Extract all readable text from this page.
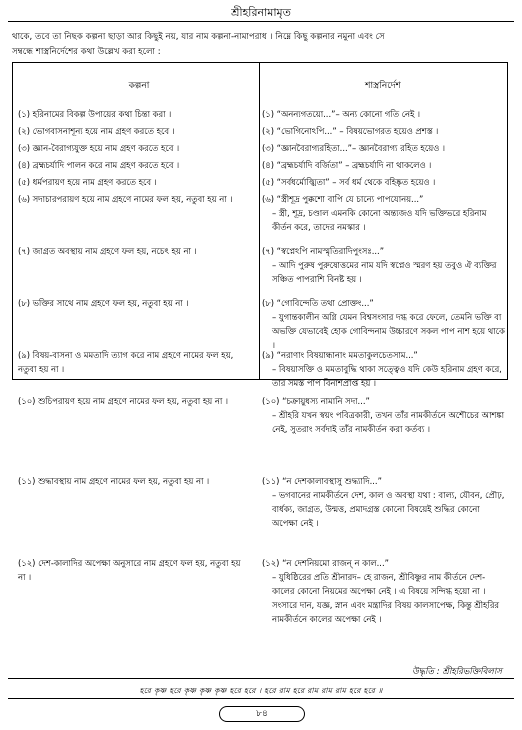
শ্রীহরিনামামৃত
থাকে, তবে তা নিছক কল্পনা ছাড়া আর কিছুই নয়, যার নাম কল্পনা-নামাপরাধ । নিম্নে কিছু কল্পনার নমুনা এবং সে
সম্বন্ধে শাস্ত্রনির্দেশের কথা উল্লেখ করা হলো :
কল্পনা	শাস্ত্রনির্দেশ
(১) হরিনামের বিকল্প উপায়ের কথা চিন্তা করা ।	(১) “অনন্যগতয়ো...”– অন্য কোনো গতি নেই ।
(২) ভোগবাসনাশূন্য হয়ে নাম গ্রহণ করতে হবে ।	(২) “ভোগিনোঽপি...” – বিষয়ভোগরত হয়েও প্রশস্ত ।
(৩) জ্ঞান-বৈরাগ্যযুক্ত হয়ে নাম গ্রহণ করতে হবে ।	(৩) “জ্ঞানবৈরাগ্যরহিতা...”– জ্ঞানবৈরাগ্য রহিত হয়েও ।
(৪) ব্রহ্মচর্যাদি পালন করে নাম গ্রহণ করতে হবে ।	(৪) “ব্রহ্মচর্যাদি বর্জিতা” – ব্রহ্মচর্যাদি না থাকলেও ।
(৫) ধর্মপরায়ণ হয়ে নাম গ্রহণ করতে হবে ।	(৫) “সর্বধর্মোজ্ঝিতা” – সর্ব ধর্ম থেকে বহিষ্কৃত হয়েও ।
(৬) সদাচারপরায়ণ হয়ে নাম গ্রহণে নামের ফল হয়, নতুবা হয় না ।	(৬) “স্ত্রীশূদ্র পুক্কশো বাপি যে চান্যে পাপযোনয়...”
– স্ত্রী, শূদ্র, চণ্ডাল এমনকি কোনো অন্ত্যজও যদি ভক্তিভরে হরিনাম কীর্তন করে, তাদের নমস্কার ।
(৭) জাগ্রত অবস্থায় নাম গ্রহণে ফল হয়, নচেৎ হয় না ।	(৭) “স্বপ্নেঽপি নামস্মৃতিরাদিপুংসঃ...”
– আদি পুরুষ পুরুষোত্তমের নাম যদি স্বপ্নেও স্মরণ হয় তবুও ঐ ব্যক্তির সঞ্চিত পাপরাশি বিনষ্ট হয় ।
(৮) ভক্তির সাথে নাম গ্রহণে ফল হয়, নতুবা হয় না ।	(৮) “গোবিন্দেতি তথা প্রোক্তং...”
– যুগান্তকালীন অগ্নি যেমন বিশ্বসংসার দগ্ধ করে ফেলে, তেমনি ভক্তি বা অভক্তি যেভাবেই হোক গোবিন্দনাম উচ্চারণে সকল পাপ নাশ হয়ে থাকে ।
(৯) বিষয়-বাসনা ও মমতাদি ত্যাগ করে নাম গ্রহণে নামের ফল হয়, নতুবা হয় না ।
(৯) “নরাণাং বিষয়ান্ধানাং মমতাকুলচেতসাম...”
– বিষয়াসক্তি ও মমতাবুদ্ধি থাকা সত্ত্বেও যদি কেউ হরিনাম গ্রহণ করে, তার সমস্ত পাপ বিনাশপ্রাপ্ত হয় ।
(১০) শুচিপরায়ণ হয়ে নাম গ্রহণে নামের ফল হয়, নতুবা হয় না ।	(১০) “চক্রায়ুধস্য নামানি সদা...”
– শ্রীহরি যখন স্বয়ং পবিত্রকারী, তখন তাঁর নামকীর্তনে অশৌচের আশঙ্কা নেই, সুতরাং সর্বদাই তাঁর নামকীর্তন করা কর্তব্য ।
(১১) শুদ্ধাবস্থায় নাম গ্রহণে নামের ফল হয়, নতুবা হয় না ।	(১১) “ন দেশকালাবস্থাসু শুদ্ধ্যাদি...”
– ভগবানের নামকীর্তনে দেশ, কাল ও অবস্থা যথা : বাল্য, যৌবন, প্রৌঢ়, বার্ধক্য, জাগ্রত, উন্মত্ত, প্রমাদগ্রস্ত কোনো বিষয়েই শুদ্ধির কোনো অপেক্ষা নেই ।
(১২) দেশ-কালাদির অপেক্ষা অনুসারে নাম গ্রহণে ফল হয়, নতুবা হয় না ।
(১২) “ন দেশনিয়মো রাজন্ ন কাল...”
– যুধিষ্ঠিরের প্রতি শ্রীনারদ– হে রাজন, শ্রীবিষ্ণুর নাম কীর্তনে দেশ-কালের কোনো নিয়মের অপেক্ষা নেই । এ বিষয়ে সন্দিগ্ধ হয়ো না । সংসারে দান, যজ্ঞ, স্নান এবং মন্ত্রাদির বিষয় কালসাপেক্ষ, কিন্তু শ্রীহরির নামকীর্তনে কালের অপেক্ষা নেই ।
উদ্ধৃতি : শ্রীহরিভক্তিবিলাস
হরে কৃষ্ণ হরে কৃষ্ণ কৃষ্ণ কৃষ্ণ হরে হরে । হরে রাম হরে রাম রাম রাম হরে হরে ॥
৮৪
